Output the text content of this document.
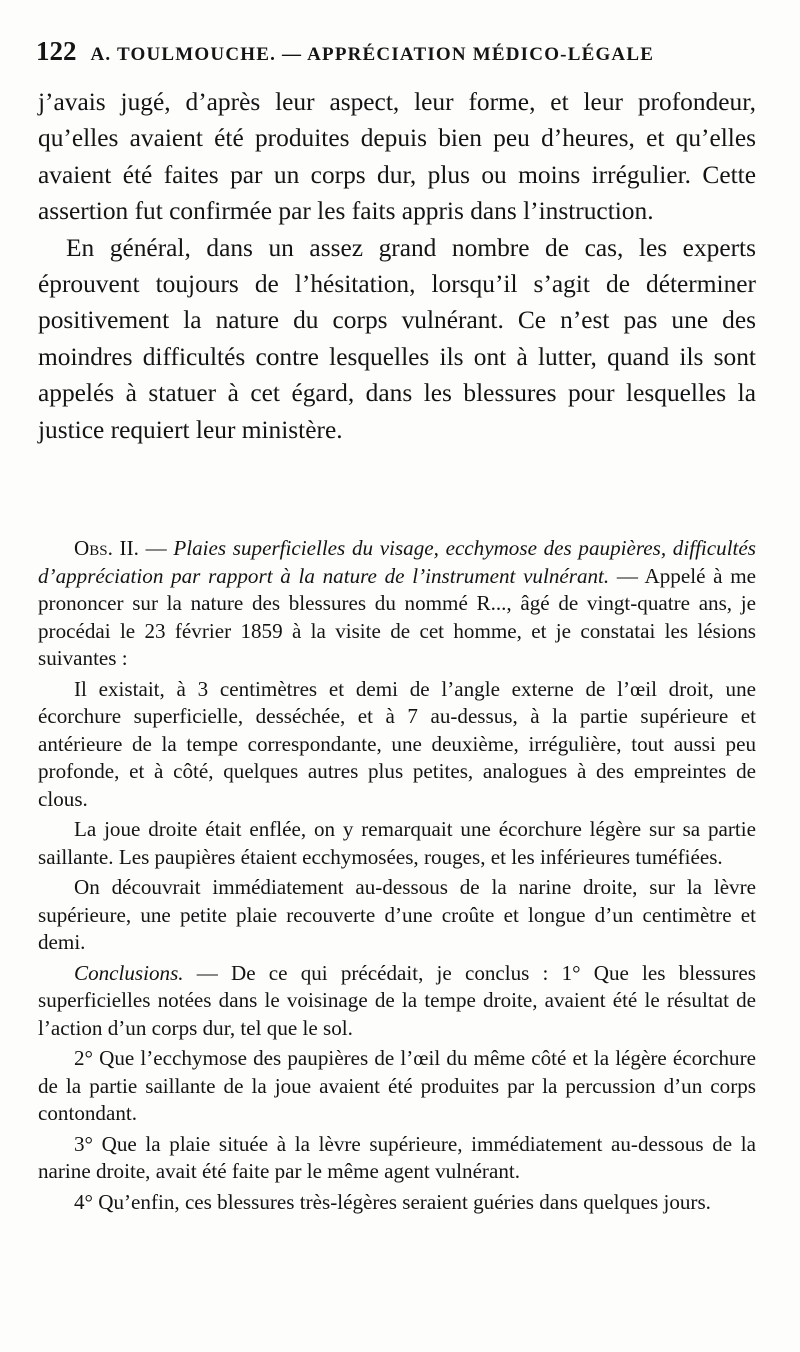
122 A. TOULMOUCHE. — APPRÉCIATION MÉDICO-LÉGALE

j’avais jugé, d’après leur aspect, leur forme, et leur profondeur, qu’elles avaient été produites depuis bien peu d’heures, et qu’elles avaient été faites par un corps dur, plus ou moins irrégulier. Cette assertion fut confirmée par les faits appris dans l’instruction.

En général, dans un assez grand nombre de cas, les experts éprouvent toujours de l’hésitation, lorsqu’il s’agit de déterminer positivement la nature du corps vulnérant. Ce n’est pas une des moindres difficultés contre lesquelles ils ont à lutter, quand ils sont appelés à statuer à cet égard, dans les blessures pour lesquelles la justice requiert leur ministère.

Obs. II. — Plaies superficielles du visage, ecchymose des paupières, difficultés d’appréciation par rapport à la nature de l’instrument vulnérant. — Appelé à me prononcer sur la nature des blessures du nommé R..., âgé de vingt-quatre ans, je procédai le 23 février 1859 à la visite de cet homme, et je constatai les lésions suivantes :

Il existait, à 3 centimètres et demi de l’angle externe de l’œil droit, une écorchure superficielle, desséchée, et à 7 au-dessus, à la partie supérieure et antérieure de la tempe correspondante, une deuxième, irrégulière, tout aussi peu profonde, et à côté, quelques autres plus petites, analogues à des empreintes de clous.

La joue droite était enflée, on y remarquait une écorchure légère sur sa partie saillante. Les paupières étaient ecchymosées, rouges, et les inférieures tuméfiées.

On découvrait immédiatement au-dessous de la narine droite, sur la lèvre supérieure, une petite plaie recouverte d’une croûte et longue d’un centimètre et demi.

Conclusions. — De ce qui précédait, je conclus : 1° Que les blessures superficielles notées dans le voisinage de la tempe droite, avaient été le résultat de l’action d’un corps dur, tel que le sol.

2° Que l’ecchymose des paupières de l’œil du même côté et la légère écorchure de la partie saillante de la joue avaient été produites par la percussion d’un corps contondant.

3° Que la plaie située à la lèvre supérieure, immédiatement au-dessous de la narine droite, avait été faite par le même agent vulnérant.

4° Qu’enfin, ces blessures très-légères seraient guéries dans quelques jours.
